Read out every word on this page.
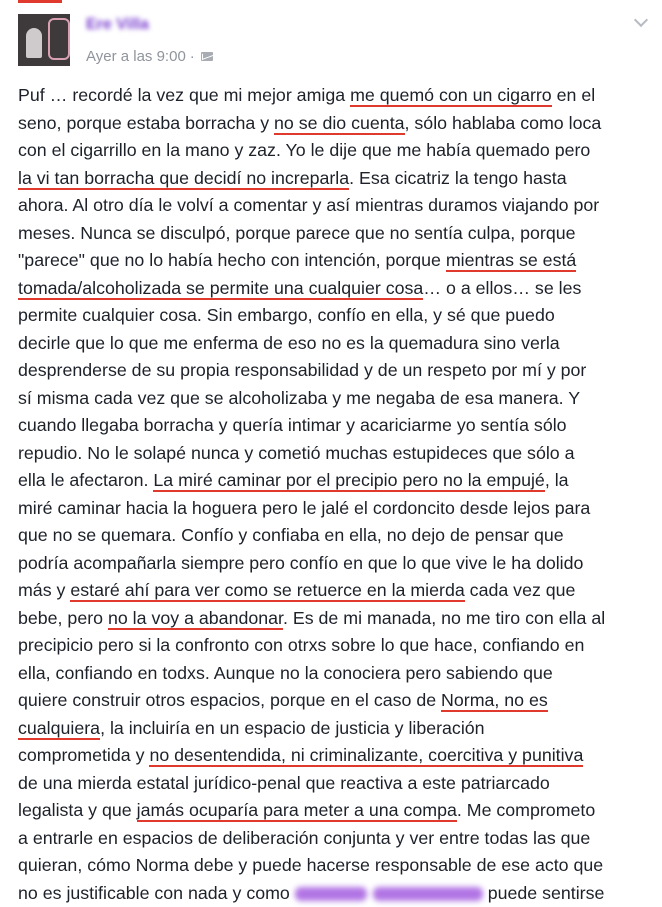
Ere Villa
Ayer a las 9:00 ·
Puf … recordé la vez que mi mejor amiga me quemó con un cigarro en el
seno, porque estaba borracha y no se dio cuenta, sólo hablaba como loca
con el cigarrillo en la mano y zaz. Yo le dije que me había quemado pero
la vi tan borracha que decidí no increparla. Esa cicatriz la tengo hasta
ahora. Al otro día le volví a comentar y así mientras duramos viajando por
meses. Nunca se disculpó, porque parece que no sentía culpa, porque
"parece" que no lo había hecho con intención, porque mientras se está
tomada/alcoholizada se permite una cualquier cosa… o a ellos… se les
permite cualquier cosa. Sin embargo, confío en ella, y sé que puedo
decirle que lo que me enferma de eso no es la quemadura sino verla
desprenderse de su propia responsabilidad y de un respeto por mí y por
sí misma cada vez que se alcoholizaba y me negaba de esa manera. Y
cuando llegaba borracha y quería intimar y acariciarme yo sentía sólo
repudio. No le solapé nunca y cometió muchas estupideces que sólo a
ella le afectaron. La miré caminar por el precipio pero no la empujé, la
miré caminar hacia la hoguera pero le jalé el cordoncito desde lejos para
que no se quemara. Confío y confiaba en ella, no dejo de pensar que
podría acompañarla siempre pero confío en que lo que vive le ha dolido
más y estaré ahí para ver como se retuerce en la mierda cada vez que
bebe, pero no la voy a abandonar. Es de mi manada, no me tiro con ella al
precipicio pero si la confronto con otrxs sobre lo que hace, confiando en
ella, confiando en todxs. Aunque no la conociera pero sabiendo que
quiere construir otros espacios, porque en el caso de Norma, no es
cualquiera, la incluiría en un espacio de justicia y liberación
comprometida y no desentendida, ni criminalizante, coercitiva y punitiva
de una mierda estatal jurídico-penal que reactiva a este patriarcado
legalista y que jamás ocuparía para meter a una compa. Me comprometo
a entrarle en espacios de deliberación conjunta y ver entre todas las que
quieran, cómo Norma debe y puede hacerse responsable de ese acto que
no es justificable con nada y como	puede sentirse
